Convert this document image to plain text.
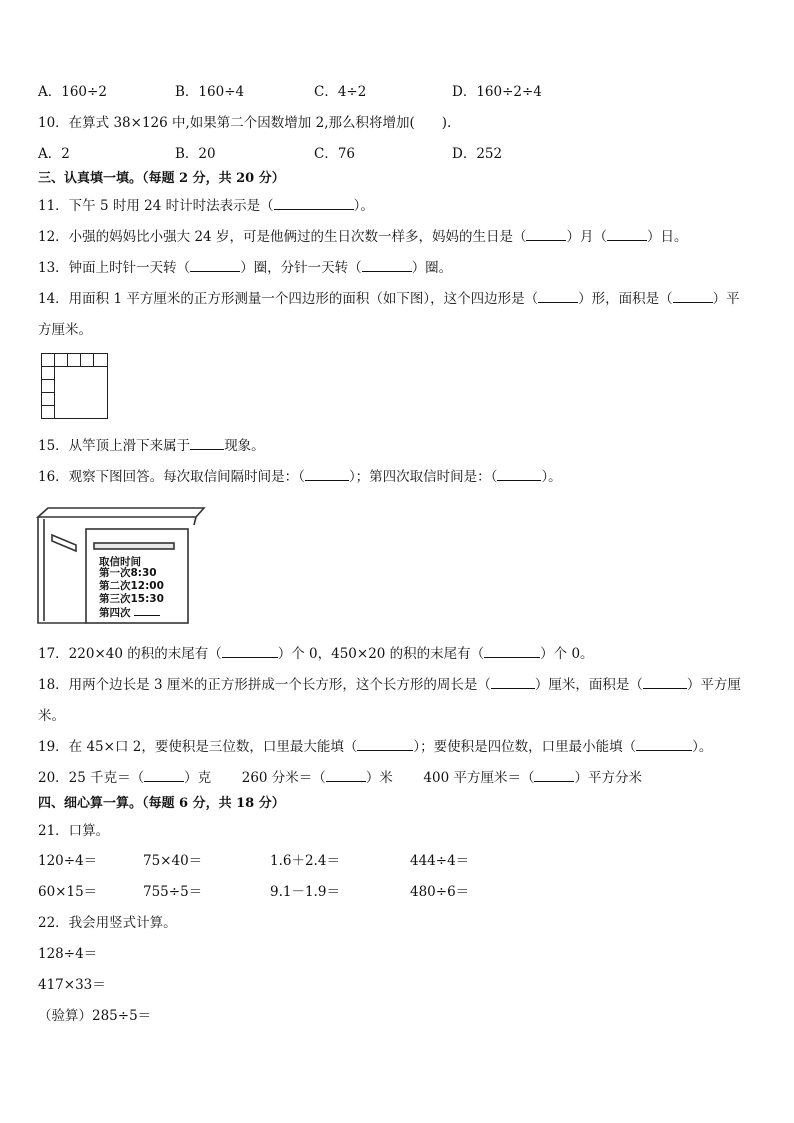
A．160÷2	B．160÷4	C．4÷2	D．160÷2÷4
10．在算式 38×126 中,如果第二个因数增加 2,那么积将增加(　　).
A．2	B．20	C．76	D．252
三、认真填一填。（每题 2 分，共 20 分）
11．下午 5 时用 24 时计时法表示是（	）。
12．小强的妈妈比小强大 24 岁，可是他俩过的生日次数一样多，妈妈的生日是（	）月（	）日。
13．钟面上时针一天转（	）圈，分针一天转（	）圈。
14．用面积 1 平方厘米的正方形测量一个四边形的面积（如下图），这个四边形是（	）形，面积是（	）平
方厘米。
15．从竿顶上滑下来属于	现象。
16．观察下图回答。每次取信间隔时间是：（	）；第四次取信时间是：（	）。
取信时间
第一次8:30
第二次12:00
第三次15:30
第四次
17．220×40 的积的末尾有（	）个 0，450×20 的积的末尾有（	）个 0。
18．用两个边长是 3 厘米的正方形拼成一个长方形，这个长方形的周长是（	）厘米，面积是（	）平方厘
米。
19．在 45×口 2，要使积是三位数，口里最大能填（	）；要使积是四位数，口里最小能填（	）。
20．25 千克＝（	）克 260 分米＝（	）米 400 平方厘米＝（	）平方分米
四、细心算一算。（每题 6 分，共 18 分）
21．口算。
120÷4＝	75×40＝	1.6＋2.4＝	444÷4＝
60×15＝	755÷5＝	9.1－1.9＝	480÷6＝
22．我会用竖式计算。
128÷4＝
417×33＝
（验算）285÷5＝
